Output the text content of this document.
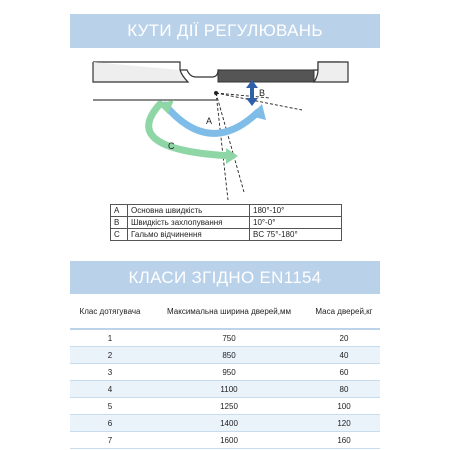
КУТИ ДІЇ РЕГУЛЮВАНЬ
A
B
C
A	Основна швидкість	180°-10°
B	Швидкість захлопування	10°-0°
C	Гальмо відчинення	BC 75°-180°
КЛАСИ ЗГІДНО EN1154
Клас дотягувача	Максимальна ширина дверей,мм	Маса дверей,кг
1	750	20
2	850	40
3	950	60
4	1100	80
5	1250	100
6	1400	120
7	1600	160
